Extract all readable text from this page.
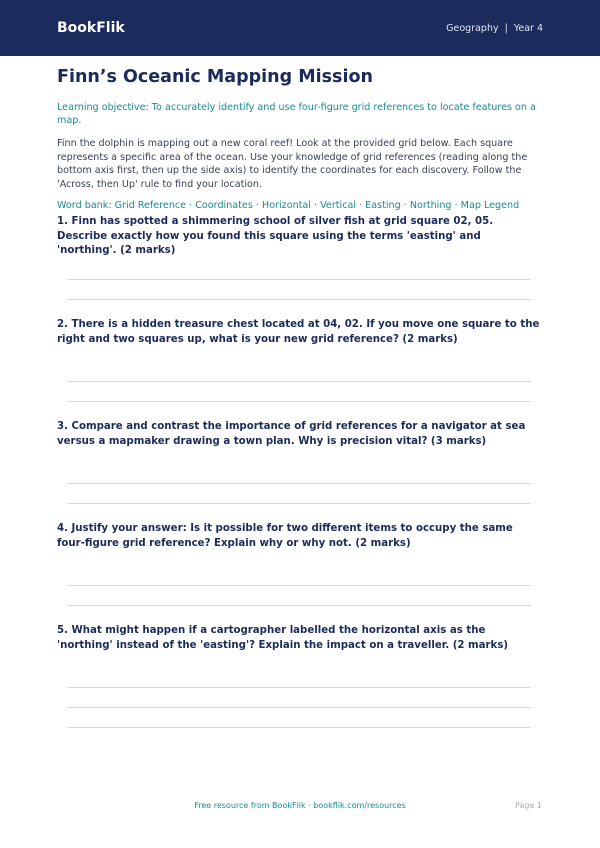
BookFlik	Geography | Year 4
Finn’s Oceanic Mapping Mission
Learning objective: To accurately identify and use four-figure grid references to locate features on a map.
Finn the dolphin is mapping out a new coral reef! Look at the provided grid below. Each square represents a specific area of the ocean. Use your knowledge of grid references (reading along the bottom axis first, then up the side axis) to identify the coordinates for each discovery. Follow the 'Across, then Up' rule to find your location.
Word bank: Grid Reference · Coordinates · Horizontal · Vertical · Easting · Northing · Map Legend
1. Finn has spotted a shimmering school of silver fish at grid square 02, 05. Describe exactly how you found this square using the terms 'easting' and 'northing'. (2 marks)
2. There is a hidden treasure chest located at 04, 02. If you move one square to the right and two squares up, what is your new grid reference? (2 marks)
3. Compare and contrast the importance of grid references for a navigator at sea versus a mapmaker drawing a town plan. Why is precision vital? (3 marks)
4. Justify your answer: Is it possible for two different items to occupy the same four-figure grid reference? Explain why or why not. (2 marks)
5. What might happen if a cartographer labelled the horizontal axis as the 'northing' instead of the 'easting'? Explain the impact on a traveller. (2 marks)
Free resource from BookFlik · bookflik.com/resources	Page 1
